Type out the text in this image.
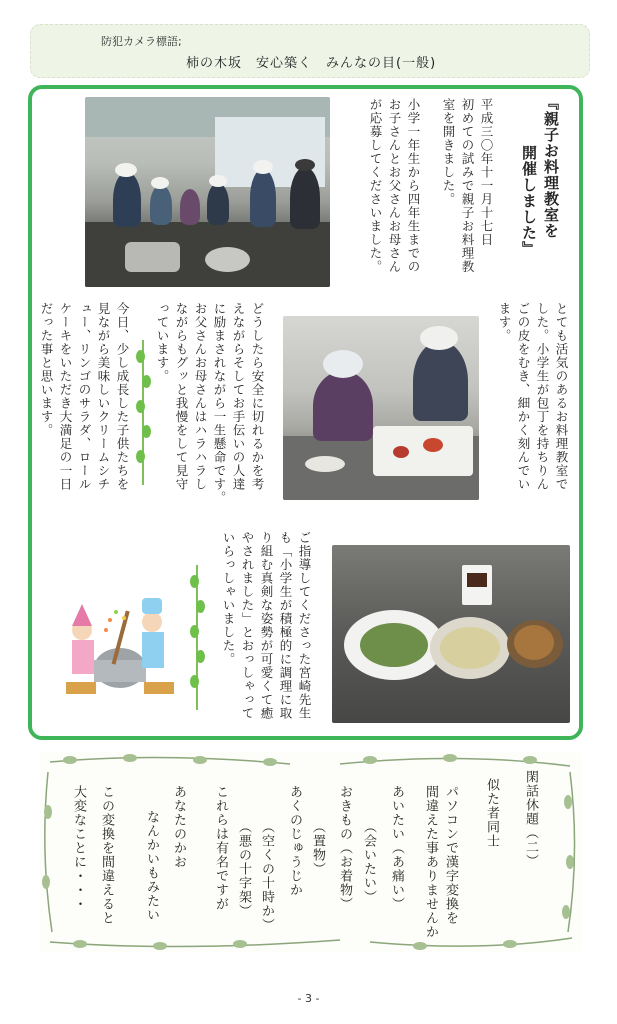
防犯カメラ標語;
柿の木坂　安心築く　みんなの目(一般)
『親子お料理教室を
開催しました』
平成三〇年十一月十七日
初めての試みで親子お料理教
室を開きました。
小学一年生から四年生までの
お子さんとお父さんお母さん
が応募してくださいました。
とても活気のあるお料理教室で
した。小学生が包丁を持ちりん
ごの皮をむき、細かく刻んでい
ます。
どうしたら安全に切れるかを考
えながらそしてお手伝いの人達
に励まされながら一生懸命です。
お父さんお母さんはハラハラし
ながらもグッと我慢をして見守
っています。
今日、少し成長した子供たちを
見ながら美味しいクリームシチ
ュー、リンゴのサラダ、ロール
ケーキをいただき大満足の一日
だった事と思います。
ご指導してくださった宮崎先生
も「小学生が積極的に調理に取
り組む真剣な姿勢が可愛くて癒
やされました」とおっしゃって
いらっしゃいました。
閑話休題（二）
似た者同士
パソコンで漢字変換を
間違えた事ありませんか
あいたい（あ痛い）
（会いたい）
おきもの（お着物）
（置物）
あくのじゅうじか
（空くの十時か）
（悪の十字架）
これらは有名ですが
あなたのかお
なんかいもみたい
この変換を間違えると
大変なことに・・・
- 3 -
